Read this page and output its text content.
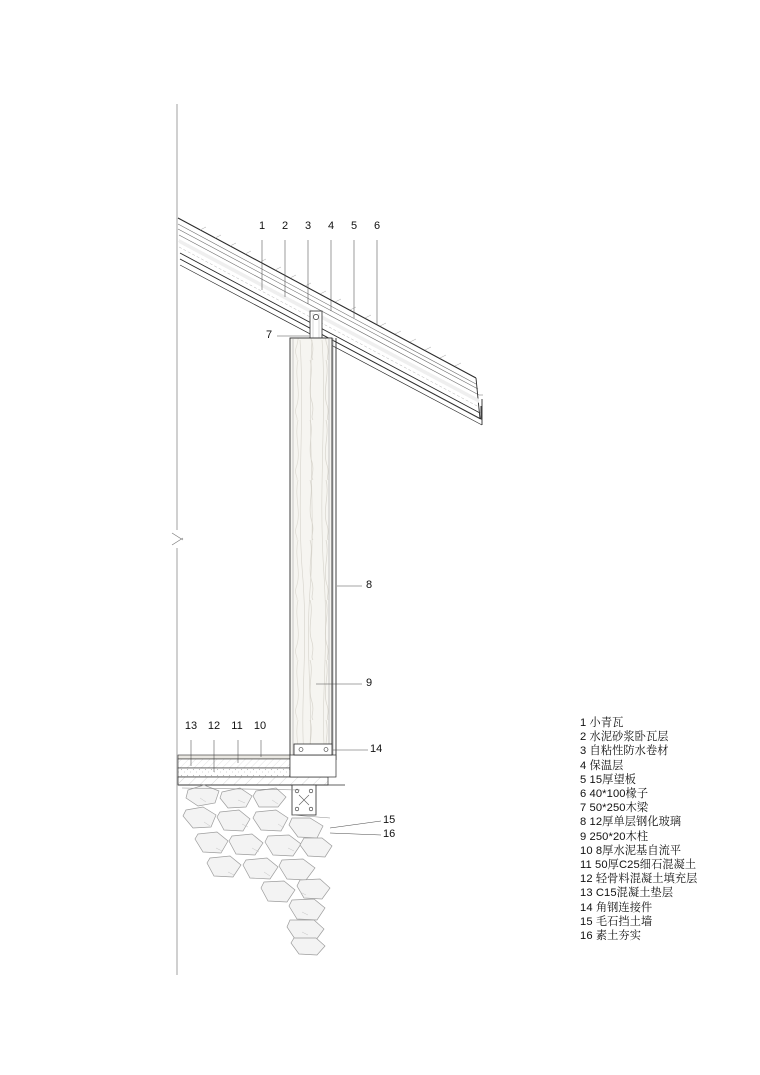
1	2	3	4	5	6
7
8
9
14
15
16
13 12 11 10	1 小青瓦
2 水泥砂浆卧瓦层
3 自粘性防水卷材
4 保温层
5 15厚望板
6 40*100椽子
7 50*250木梁
8 12厚单层钢化玻璃
9 250*20木柱
10 8厚水泥基自流平
11 50厚C25细石混凝土
12 轻骨料混凝土填充层
13 C15混凝土垫层
14 角钢连接件
15 毛石挡土墙
16 素土夯实
